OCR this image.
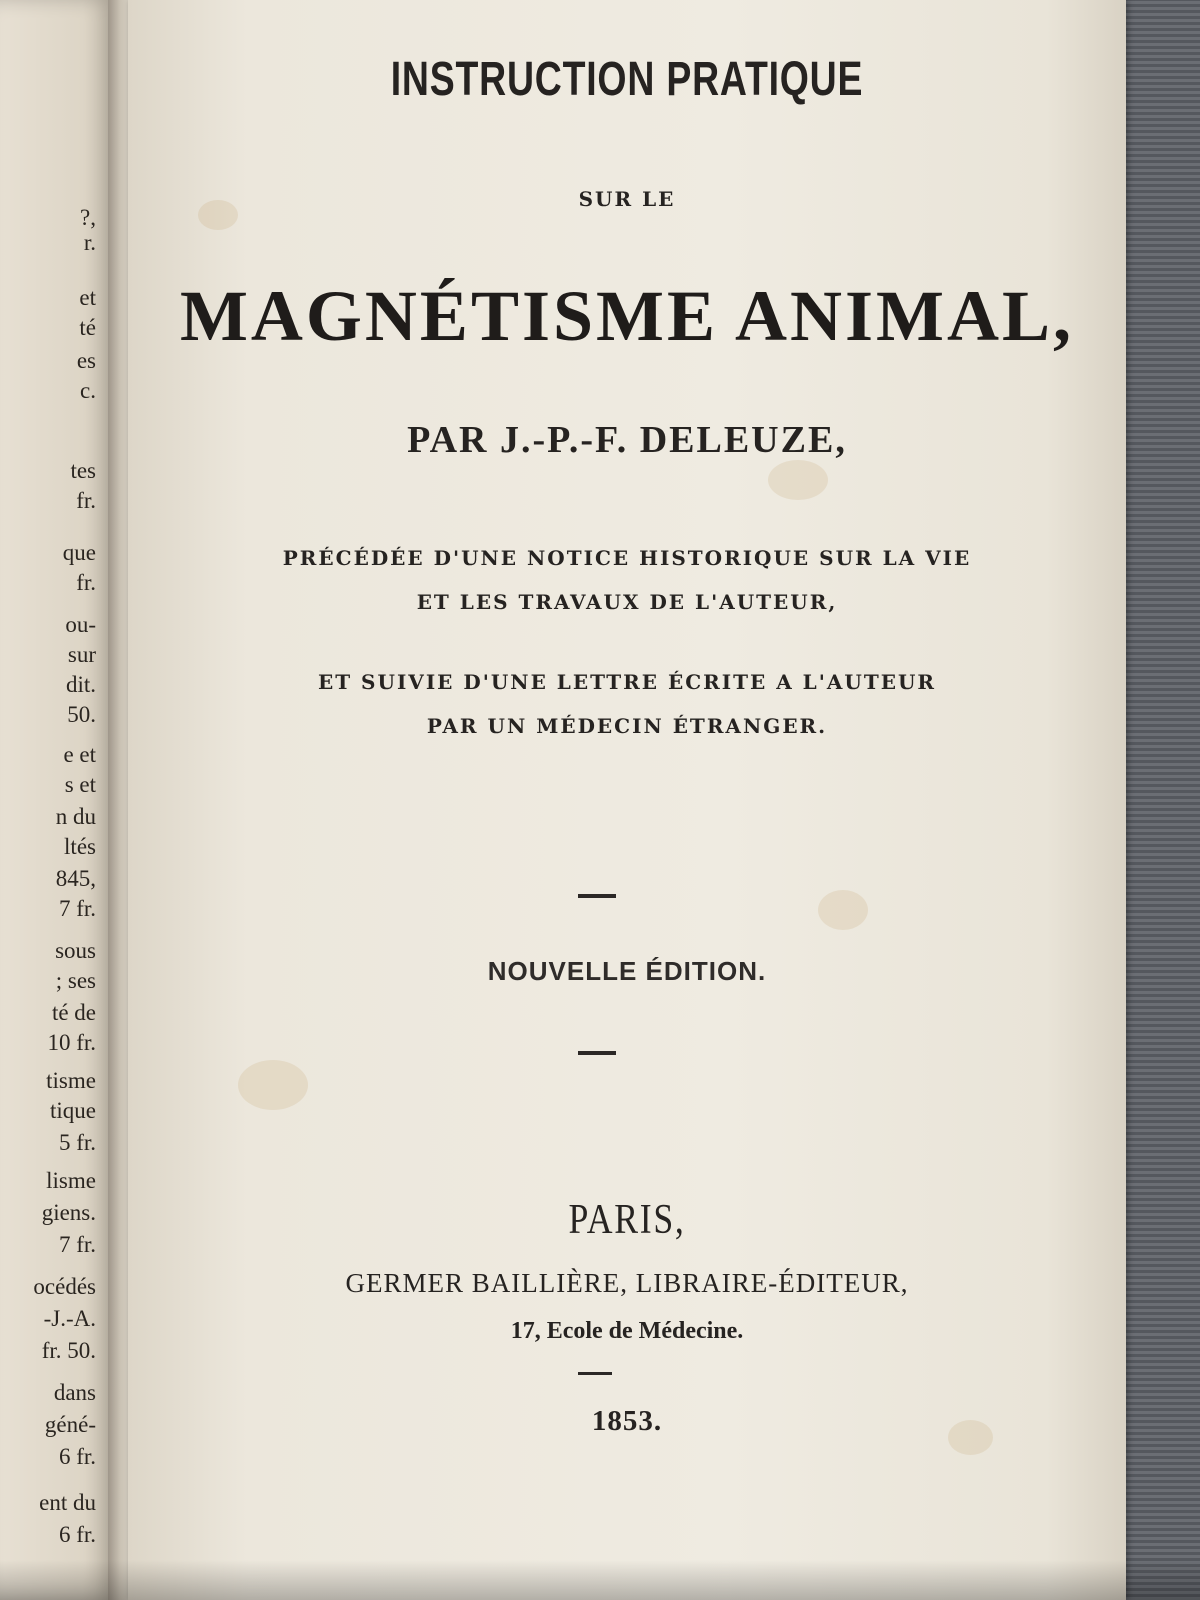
?,
r.
et
té
es
c.
tes
fr.
que
fr.
ou-
sur
dit.
50.
e et
s et
n du
ltés
845,
7 fr.
sous
; ses
té de
10 fr.
tisme
tique
5 fr.
lisme
giens.
7 fr.
océdés
-J.-A.
fr. 50.
dans
géné-
6 fr.
ent du
6 fr.
INSTRUCTION PRATIQUE
SUR LE
MAGNÉTISME ANIMAL,
PAR J.-P.-F. DELEUZE,
PRÉCÉDÉE D'UNE NOTICE HISTORIQUE SUR LA VIE
ET LES TRAVAUX DE L'AUTEUR,
ET SUIVIE D'UNE LETTRE ÉCRITE A L'AUTEUR
PAR UN MÉDECIN ÉTRANGER.
NOUVELLE ÉDITION.
PARIS,
GERMER BAILLIÈRE, LIBRAIRE-ÉDITEUR,
17, Ecole de Médecine.
1853.
